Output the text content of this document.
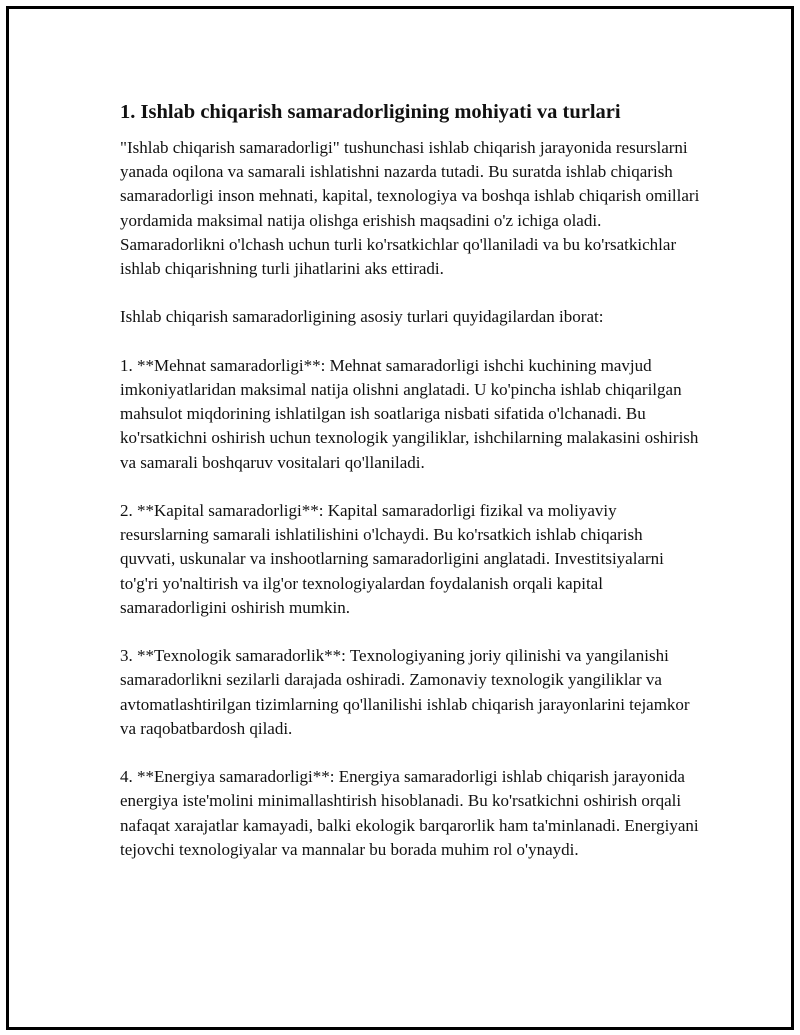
1. Ishlab chiqarish samaradorligining mohiyati va turlari

"Ishlab chiqarish samaradorligi" tushunchasi ishlab chiqarish jarayonida resurslarni yanada oqilona va samarali ishlatishni nazarda tutadi. Bu suratda ishlab chiqarish samaradorligi inson mehnati, kapital, texnologiya va boshqa ishlab chiqarish omillari yordamida maksimal natija olishga erishish maqsadini o'z ichiga oladi. Samaradorlikni o'lchash uchun turli ko'rsatkichlar qo'llaniladi va bu ko'rsatkichlar ishlab chiqarishning turli jihatlarini aks ettiradi.

Ishlab chiqarish samaradorligining asosiy turlari quyidagilardan iborat:

1. **Mehnat samaradorligi**: Mehnat samaradorligi ishchi kuchining mavjud imkoniyatlaridan maksimal natija olishni anglatadi. U ko'pincha ishlab chiqarilgan mahsulot miqdorining ishlatilgan ish soatlariga nisbati sifatida o'lchanadi. Bu ko'rsatkichni oshirish uchun texnologik yangiliklar, ishchilarning malakasini oshirish va samarali boshqaruv vositalari qo'llaniladi.

2. **Kapital samaradorligi**: Kapital samaradorligi fizikal va moliyaviy resurslarning samarali ishlatilishini o'lchaydi. Bu ko'rsatkich ishlab chiqarish quvvati, uskunalar va inshootlarning samaradorligini anglatadi. Investitsiyalarni to'g'ri yo'naltirish va ilg'or texnologiyalardan foydalanish orqali kapital samaradorligini oshirish mumkin.

3. **Texnologik samaradorlik**: Texnologiyaning joriy qilinishi va yangilanishi samaradorlikni sezilarli darajada oshiradi. Zamonaviy texnologik yangiliklar va avtomatlashtirilgan tizimlarning qo'llanilishi ishlab chiqarish jarayonlarini tejamkor va raqobatbardosh qiladi.

4. **Energiya samaradorligi**: Energiya samaradorligi ishlab chiqarish jarayonida energiya iste'molini minimallashtirish hisoblanadi. Bu ko'rsatkichni oshirish orqali nafaqat xarajatlar kamayadi, balki ekologik barqarorlik ham ta'minlanadi. Energiyani tejovchi texnologiyalar va mannalar bu borada muhim rol o'ynaydi.
